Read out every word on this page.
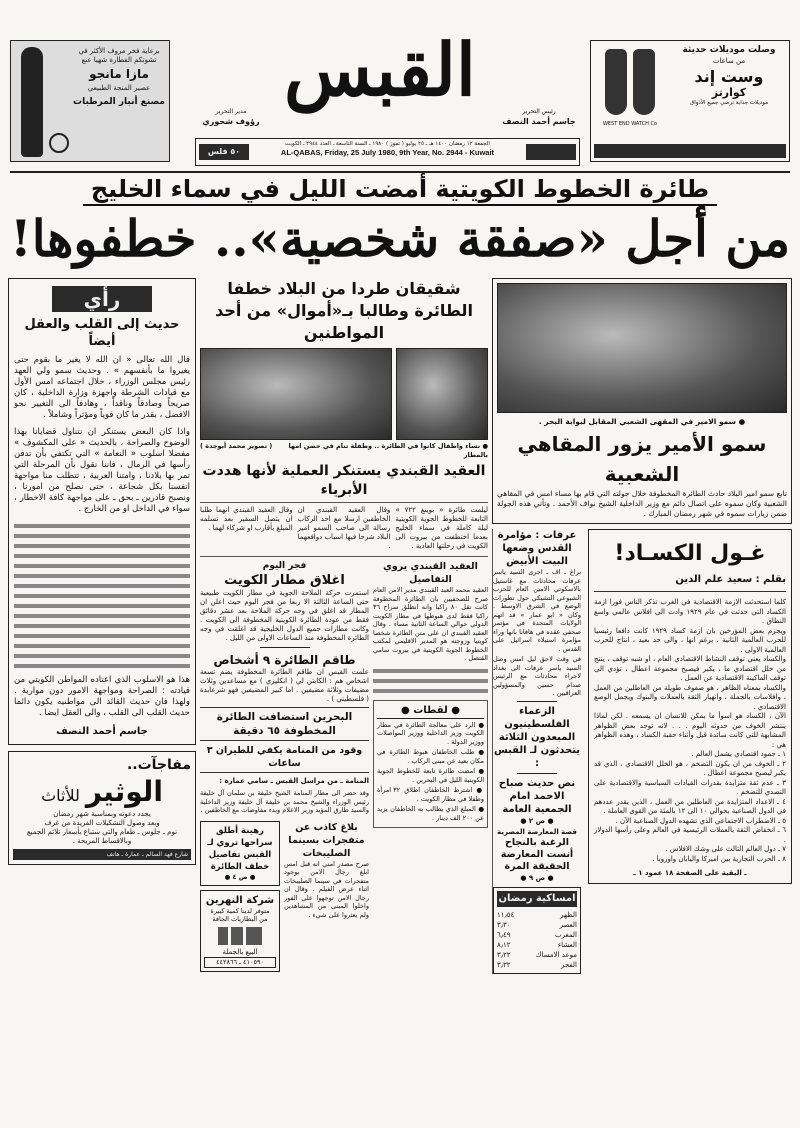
برعاية فخر مروف الأكثر في تشوتكم الفطارة شهيا عنع
مازا مانجو
عصير المنجة الطبيعي
مصنع أنبار المرطبات
مدير التحرير
رؤوف شحوري
القبس	رئيس التحرير
جاسم أحمد النصف
٥٠ فلس
الجمعة ١٢ رمضان ١٤٠٠ هـ ـ ٢٥ يوليو ( تموز ) ١٩٨٠ ـ السنة التاسعة ـ العدد ٢٩٤٤ ـ الكويت
AL-QABAS, Friday, 25 July 1980, 9th Year, No. 2944 - Kuwait
WEST END WATCH Co
وصلت موديلات حديثة
من ساعات
وست إند
كوارتز
موديلات جذابة ترضي جميع الأذواق
طائرة الخطوط الكويتية أمضت الليل في سماء الخليج
من أجل «صفقة شخصية».. خطفوها!
رأي
حديث إلى القلب والعقل أيضاً

قال الله تعالى « ان الله لا يغير ما بقوم حتى يغيروا ما بأنفسهم » . وحديث سمو ولي العهد رئيس مجلس الوزراء ، خلال اجتماعه امس الأول مع قيادات الشرطة واجهزة وزارة الداخلية ، كان صريحاً وصادقاً وناقداً ، وهادفاً الى التغيير نحو الافضل ، بقدر ما كان قوياً ومؤثراً وشاملاً .

واذا كان البعض يستنكر ان نتناول قضايانا بهذا الوضوح والصراحة ، بالحديث « على المكشوف » مفضلا اسلوب « النعامة » التي تكتفي بأن تدفن رأسها في الرمال ، فاننا نقول بأن المرحلة التي تمر بها بلادنا ، وامتنا العربية ، تتطلب منا مواجهة انفسنا بكل شجاعة ، حتى نصلح من امورنا ، ونصبح قادرين ـ بحق ـ على مواجهة كافة الاخطار ، سواء في الداخل او من الخارج .

هذا هو الاسلوب الذي اعتاده المواطن الكويتي من قيادته : الصراحة ومواجهة الامور دون مواربة . ولهذا فان حديث القائد الى مواطنيه يكون دائما حديث القلب الى القلب ، والى العقل ايضا .

جاسم أحمد النصف
مفاجآت..
الوثير
للأثاث
يجدد دعوته وبمناسبة شهر رمضان
وبعد وصول التشكيلات الفريدة من غرف
نوم ـ جلوس ـ طعام والتي ستباع بأسعار تلائم الجميع وبالاقساط المريحة .
شارع فهد السالم ـ عمارة ـ هاتف
شقيقان طردا من البلاد خطفا الطائرة وطالبا بـ«أموال» من أحد المواطنين
● نساء واطفال كانوا في الطائرة .. وطفلة تنام في حضن امها بالمطار
( تصوير محمد أبوجدة )
العقيد القبندي يستنكر العملية لأنها هددت الأبرياء

ليلمت طائرة « بوينغ ٧٢٢ » التابعة للخطوط الجوية الكويتية ليلة كاملة في سماء الخليج بعدما اختطفت من بيروت الى الكويت في رحلتها العادية .

وقال العقيد القبندي ان الخاطفين ارسلا مع احد الركاب رسالة الى صاحب السمو امير البلاد شرحا فيها اسباب دوافعهما .

وقال العقيد القبندي انهما طلبا ان يتصل السفير بعد تسلمه المبلغ بأقارب او شركاء لهما .

العقيد القبندي يروي التفاصيل

العقيد محمد العبد القبندي مدير الامن العام صرح للصحفيين بان الطائرة المخطوفة كانت تقل ٨٠ راكبا وانه انطلق سراح ٣٦ راكبا فقط لدى هبوطها في مطار الكويت الدولي حوالي الساعة الثانية مساء . وقال العقيد القبندي ان على متن الطائرة شخصا كويتيا وزوجته هو المدير الاقليمي لمكتب الخطوط الجوية الكويتية في بيروت سامي القتصل .

● لقطات ●

● الرد على معالجة الطائرة في مطار الكويت وزير الداخلية ووزير المواصلات ووزير الدولة .

● طلب الخاطفان هبوط الطائرة في مكان بعيد عن مبنى الركاب .

● امضت طائرة تابعة للخطوط الجوية الكويتية الليل في البحرين .

● اشترط الخاطفان اطلاق ٣٢ امرأة وطفلا في مطار الكويت .

● المبلغ الذي يطالب به الخاطفان يزيد عن ٢٠٠ الف دينار .

فجر اليوم
اغلاق مطار الكويت

استمرت حركة الملاحة الجوية في مطار الكويت طبيعية حتى الساعة الثالثة الا ربعا من فجر اليوم حيث اعلن ان المطار قد اغلق في وجه حركة الملاحة بعد عشر دقائق فقط من عودة الطائرة الكويتية المخطوفة الى الكويت . وكانت مطارات جميع الدول الخليجية قد اغلقت في وجه الطائرة المخطوفة منذ الساعات الاولى من الليل .

طاقم الطائرة ٩ أشخاص

علمت القبس ان طاقم الطائرة المخطوفة يضم تسعة اشخاص هم : الكابتن لي ( انكليزي ) مع مساعدين وثلاث مضيفات وثلاثة مضيفين . اما كبير المضيفين فهو شرعابدة ( فلسطيني ) .

البحرين استضافت الطائرة المخطوفة ٦٥ دقيقة
وقود من المنامة يكفي للطيران ٣ ساعات
المنامة ـ من مراسل القبس ـ سامي عمارة :

وقد حضر الى مطار المنامة الشيخ خليفة بن سلمان آل خليفة رئيس الوزراء والشيخ محمد بن خليفة آل خليفة وزير الداخلية والسيد طارق المؤيد وزير الاعلام وبدء مفاوضات مع الخاطفين .

بلاغ كاذب عن متفجرات بسينما الصليبخات

صرح مصدر امني انه قبل امس ابلغ رجال الامن بوجود متفجرات في سينما الصليبخات اثناء عرض الفيلم . وقال ان رجال الامن توجهوا على الفور واخلوا المبنى من المشاهدين ولم يعثروا على شيء .

رهينة أطلق سراحها تروي لـ القبس تفاصيل خطف الطائرة
● ص ٤ ●
شركة النهرين
متوفر لدينا كمية كبيرة
من البطاريات الجافة
البيع بالجملة
٤١٠٥٩٠ ـ ٤٤٢٨٦٦
● سمو الامير في المقهى الشعبي المقابل لبوابة البحر .
سمو الأمير يزور المقاهي الشعبية

تابع سمو امير البلاد حادث الطائرة المخطوفة خلال جولته التي قام بها مساء امس في المقاهي الشعبية وكان سموه على اتصال دائم مع وزير الداخلية الشيخ نواف الأحمد . وتأتي هذه الجولة ضمن زيارات سموه في شهر رمضان المبارك .

غـول الكسـاد!
بقلم : سعيد علم الدين

كلما استحدثت الازمة الاقتصادية في الغرب تذكر الناس فورا ازمة الكساد التي حدثت في عام ١٩٢٩ وادت الى افلاس عالمي واسع النطاق .

ويجزم بعض المؤرخين بان ازمة كساد ١٩٢٩ كانت دافعا رئيسيا للحرب العالمية الثانية ، برغم انها ، والى حد بعيد ، انتاج للحرب العالمية الاولى .

والكساد يعني توقف النشاط الاقتصادي العام ، او شبه توقف ، ينتج من خلل اقتصادي ما ، يكبر فيصبح مجموعة اعطال ، تؤدي الى توقف الماكينة الاقتصادية عن العمل .

والكساد بمعناه الظاهر ، هو صفوف طويلة من العاطلين من العمل ، وافلاسات بالجملة ، وانهيار الثقة بالعملات والبنوك ويجمل الوضع الاقتصادي .

الآن ، الكساد هو اسوأ ما يمكن للانسان ان يسمعه . لكن لماذا ينتشر الخوف من حدوثه اليوم . . . لانه توجد بعض الظواهر المشابهة للتي كانت سائدة قبل وأثناء حقبة الكساد ، وهذه الظواهر هي :

١ ـ جمود اقتصادي يشمل العالم .

٢ ـ الخوف من ان يكون التضخم ، هو الخلل الاقتصادي ، الذي قد يكبر ليصبح مجموعة اعطال .

٣ ـ عدم ثقة متزايدة بقدرات القيادات السياسية والاقتصادية على التصدي للتضخم .

٤ ـ الاعداد المتزايدة من العاطلين من العمل ، الذين يقدر عددهم في الدول الصناعية بحوالي ١٠ الى ١٢ بالمئة من القوى العاملة .

٥ ـ الاضطراب الاجتماعي الذي تشهده الدول الصناعية الآن .

٦ ـ انخفاض الثقة بالعملات الرئيسية في العالم وعلى رأسها الدولار .

٧ ـ دول العالم الثالث على وشك الافلاس .

٨ ـ الحرب التجارية بين اميركا واليابان واوروبا .

ـ البقية على الصفحة ١٨ عمود ١ ـ
عرفات : مؤامرة القدس وضعها البيت الأبيض

براغ ـ اف ـ اجرى السيد ياسر عرفات محادثات مع غاستيل بالاسكوتي الامين العام للحزب الشيوعي التشيكي حول تطورات الوضع في الشرق الاوسط . وكان « ابو عمار » قد اتهم الولايات المتحدة في مؤتمر صحفي عقده في هافانا بانها وراء مؤامرة استيلاء اسرائيل على القدس .

في وقت لاحق ليل امس وصل السيد ياسر عرفات الى بغداد لاجراء محادثات مع الرئيس صدام حسين والمسؤولين العراقيين .

الزعماء الفلسطينيون المبعدون الثلاثة يتحدثون لـ القبس :
نص حديث صباح الاحمد امام الجمعية العامة
● ص ٢ ●
قصة المعارضة المصرية
الرغبة بالنجاح أنست المعارضة الحقيقة المرة
● ص ٩ ●
امساكية رمضان
الظهر
١١٫٥٤
العصر
٣٫٣٠
المغرب
٦٫٤٩
العشاء
٨٫١٢
موعد الامساك
٣٫٢٢
الفجر
٣٫٣٢
